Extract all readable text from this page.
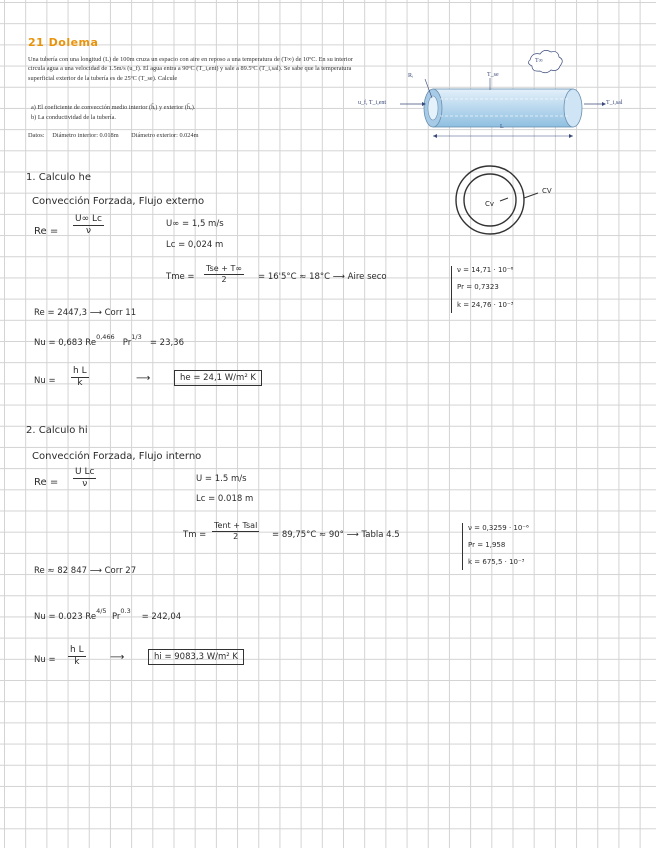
21 Dolema
Una tubería con una longitud (L) de 100m cruza un espacio con aire en reposo a una temperatura de (T∞) de 10ºC. En su interior circula agua a una velocidad de 1.5m/s (u_f). El agua entra a 90ºC (T_i,ent) y sale a 89.5ºC (T_i,sal). Se sabe que la temperatura superficial exterior de la tubería es de 25ºC (T_se). Calcule
a) El coeficiente de convección medio interior (h̄ᵢ) y exterior (h̄ₑ).
b) La conductividad de la tubería.
Datos:     Diámetro interior: 0.018m        Diámetro exterior: 0.024m
Rᵢ	T_se
T∞
u_f, T_i,ent	T_i,sal
L
1. Calculo he
Convección Forzada, Flujo externo
$Re = \frac{U\infty Lc}{\nu}$	U∞ = 1,5 m/s
Lc = 0,024 m
Cv
CV
Tme =
Tse + T∞
2	= 16'5°C ≈ 18°C ⟶ Aire seco
ν = 14,71 · 10⁻⁶
Pr = 0,7323
k = 24,76 · 10⁻³
Re = 2447,3 ⟶ Corr 11
Nu = 0,683 Re$^{0,466}$   $Pr^{1/3} = 23,36$
$Nu = \frac{\text{h L}}{k}$	⟶	he = 24,1 W/m² K
2. Calculo hi
Convección Forzada, Flujo interno
$Re = \frac{\text{U Lc}}{\nu}$	U = 1.5 m/s
Lc = 0.018 m
Tm =
Tent + Tsal
2	= 89,75°C ≈ 90° ⟶ Tabla 4.5
ν = 0,3259 · 10⁻⁶
Pr = 1,958
k = 675,5 · 10⁻³
Re ≈ 82 847 ⟶ Corr 27
Nu = 0.023 $Re^{4/5}$  $Pr^{0.3}$    = 242,04
$Nu = \frac{\text{h L}}{k}$ ⟶	hi = 9083,3 W/m² K
